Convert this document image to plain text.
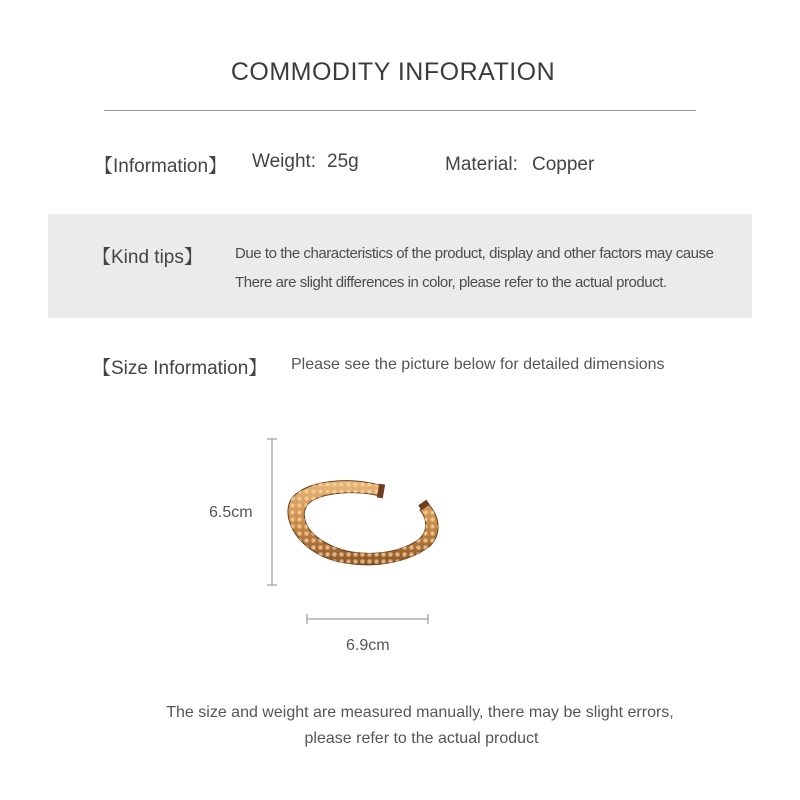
COMMODITY INFORATION
【Information】 Weight: 25g	Material: Copper
【Kind tips】 Due to the characteristics of the product, display and other factors may cause
There are slight differences in color, please refer to the actual product.
【Size Information】 Please see the picture below for detailed dimensions
6.5cm
6.9cm
The size and weight are measured manually, there may be slight errors,
please refer to the actual product
